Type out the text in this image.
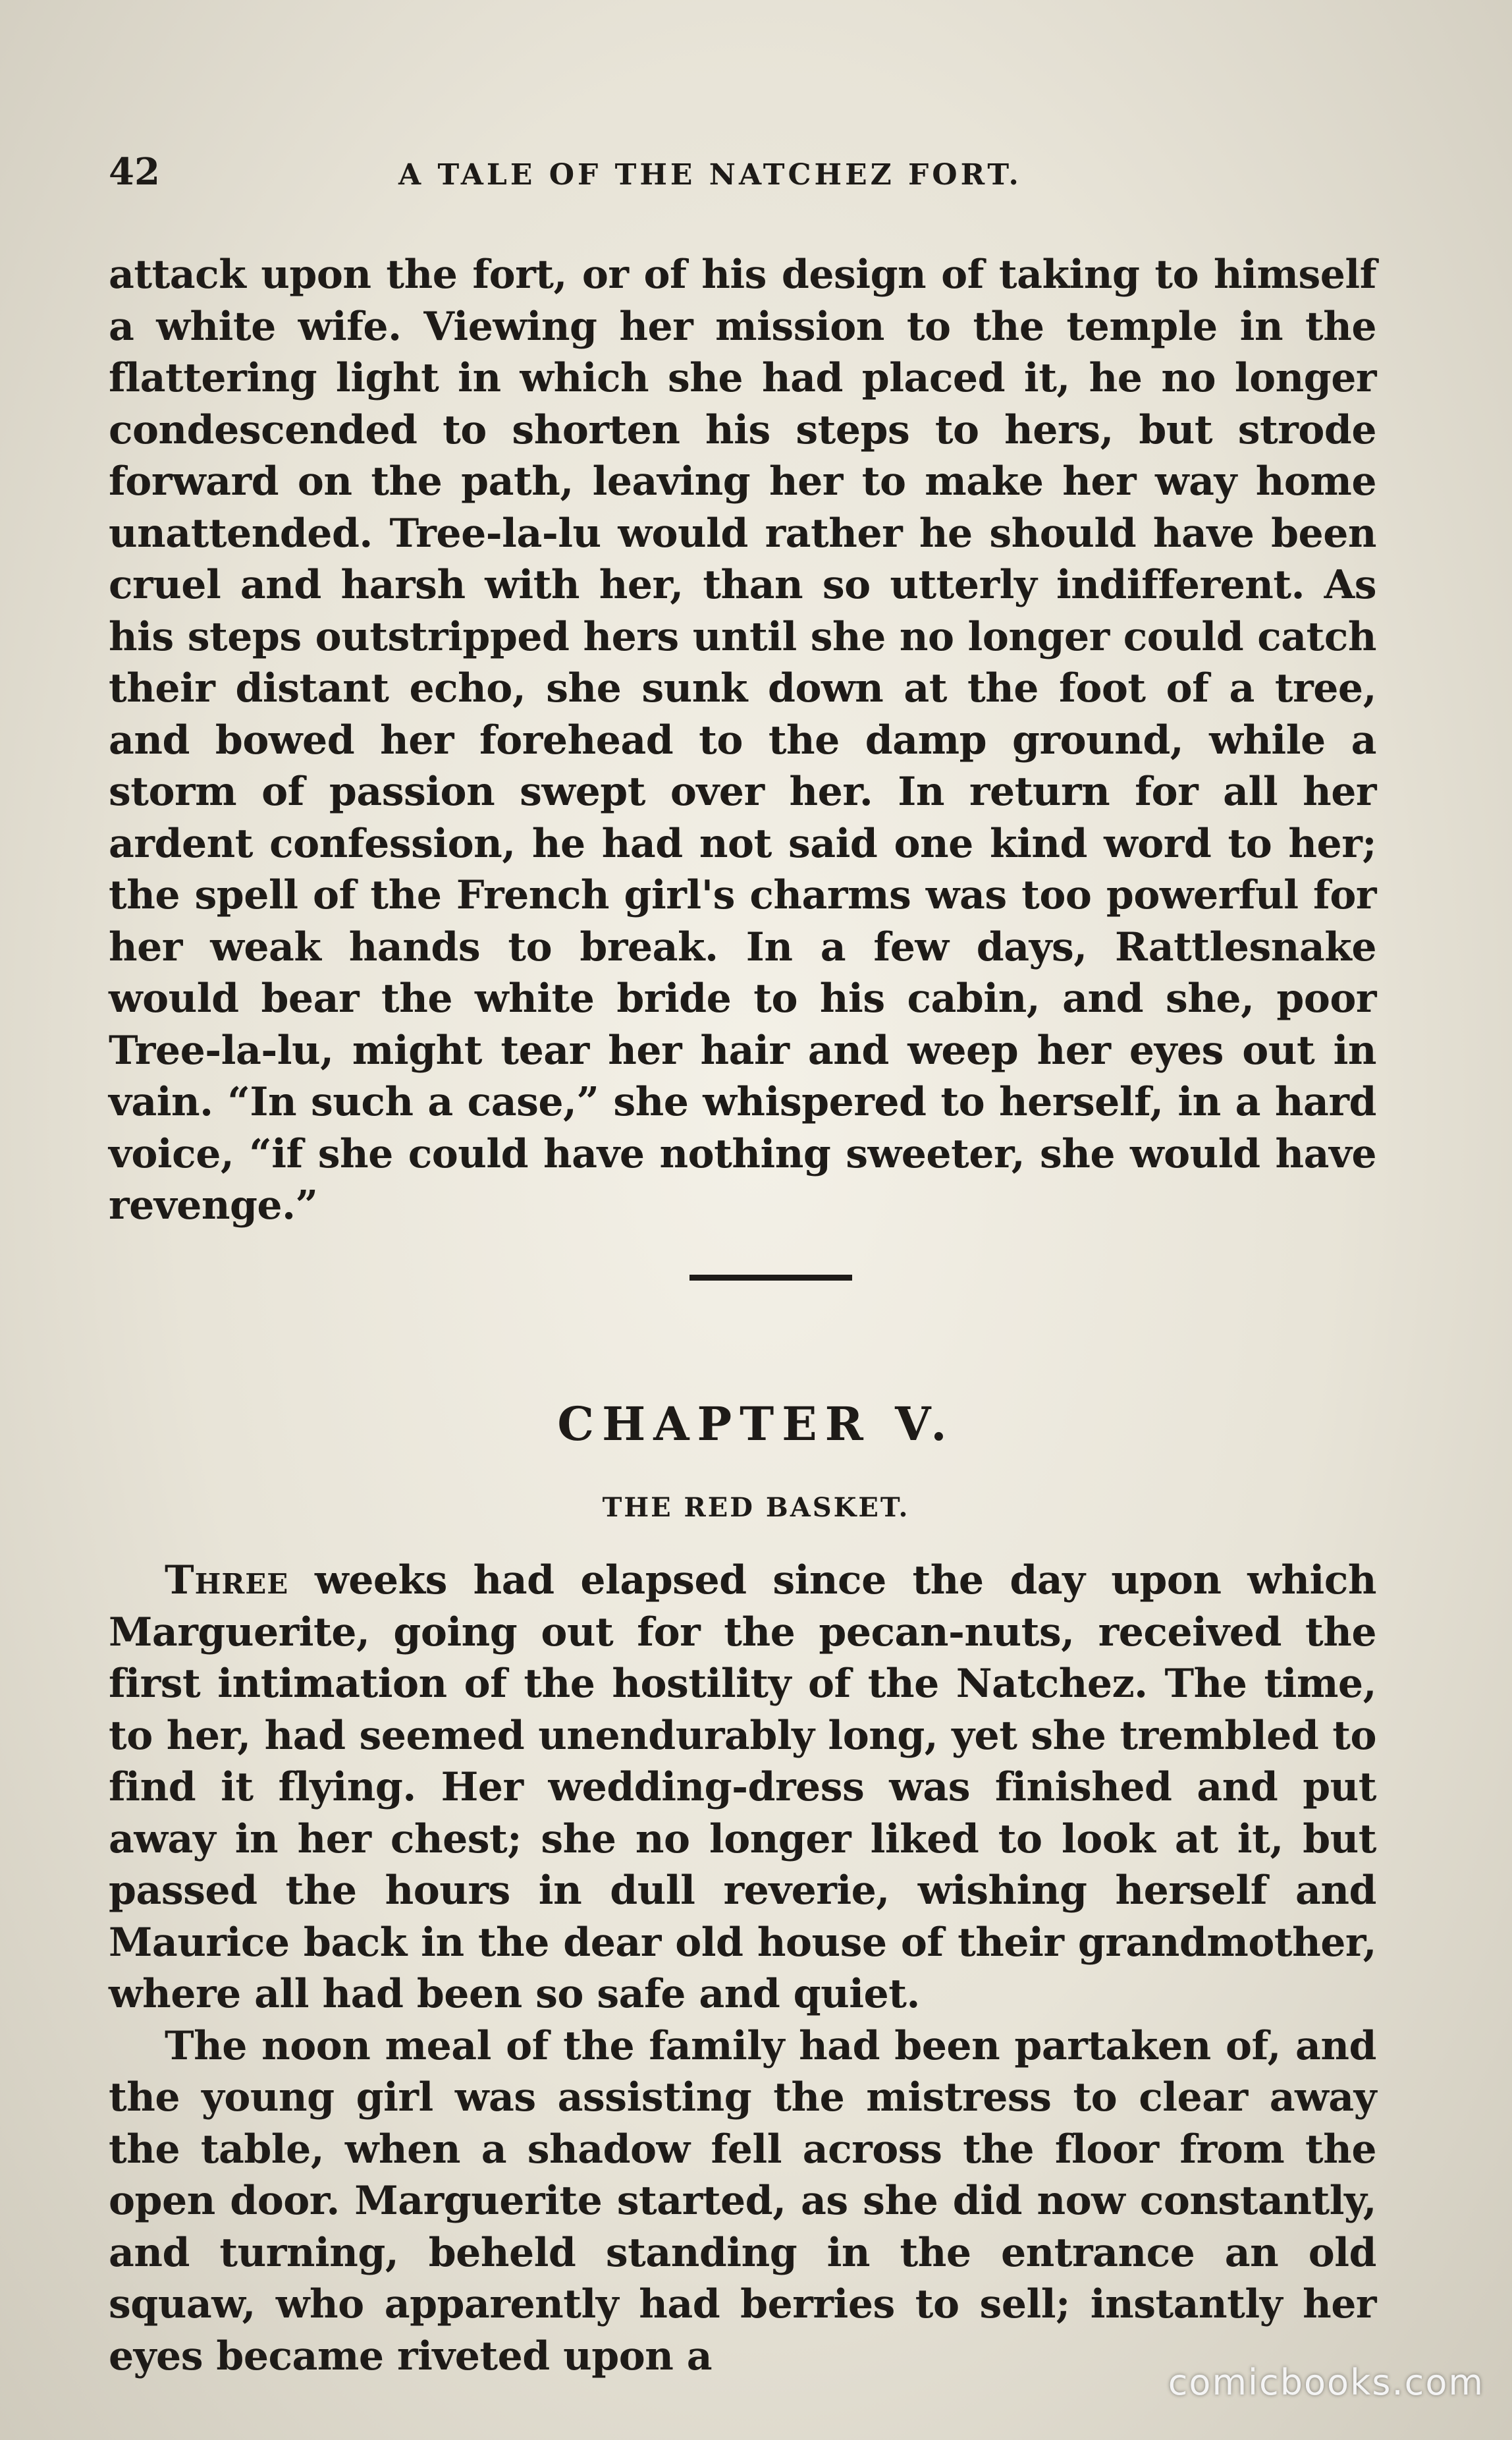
42	A TALE OF THE NATCHEZ FORT.

attack upon the fort, or of his design of taking to himself a white wife. Viewing her mission to the temple in the flattering light in which she had placed it, he no longer condescended to shorten his steps to hers, but strode forward on the path, leaving her to make her way home unattended. Tree-la-lu would rather he should have been cruel and harsh with her, than so utterly indifferent. As his steps outstripped hers until she no longer could catch their distant echo, she sunk down at the foot of a tree, and bowed her forehead to the damp ground, while a storm of passion swept over her. In return for all her ardent confession, he had not said one kind word to her; the spell of the French girl's charms was too powerful for her weak hands to break. In a few days, Rattlesnake would bear the white bride to his cabin, and she, poor Tree-la-lu, might tear her hair and weep her eyes out in vain. “In such a case,” she whispered to herself, in a hard voice, “if she could have nothing sweeter, she would have revenge.”

CHAPTER V.
THE RED BASKET.

Three weeks had elapsed since the day upon which Marguerite, going out for the pecan-nuts, received the first intimation of the hostility of the Natchez. The time, to her, had seemed unendurably long, yet she trembled to find it flying. Her wedding-dress was finished and put away in her chest; she no longer liked to look at it, but passed the hours in dull reverie, wishing herself and Maurice back in the dear old house of their grandmother, where all had been so safe and quiet.

The noon meal of the family had been partaken of, and the young girl was assisting the mistress to clear away the table, when a shadow fell across the floor from the open door. Marguerite started, as she did now constantly, and turning, beheld standing in the entrance an old squaw, who apparently had berries to sell; instantly her eyes became riveted upon a

comicbooks.com
